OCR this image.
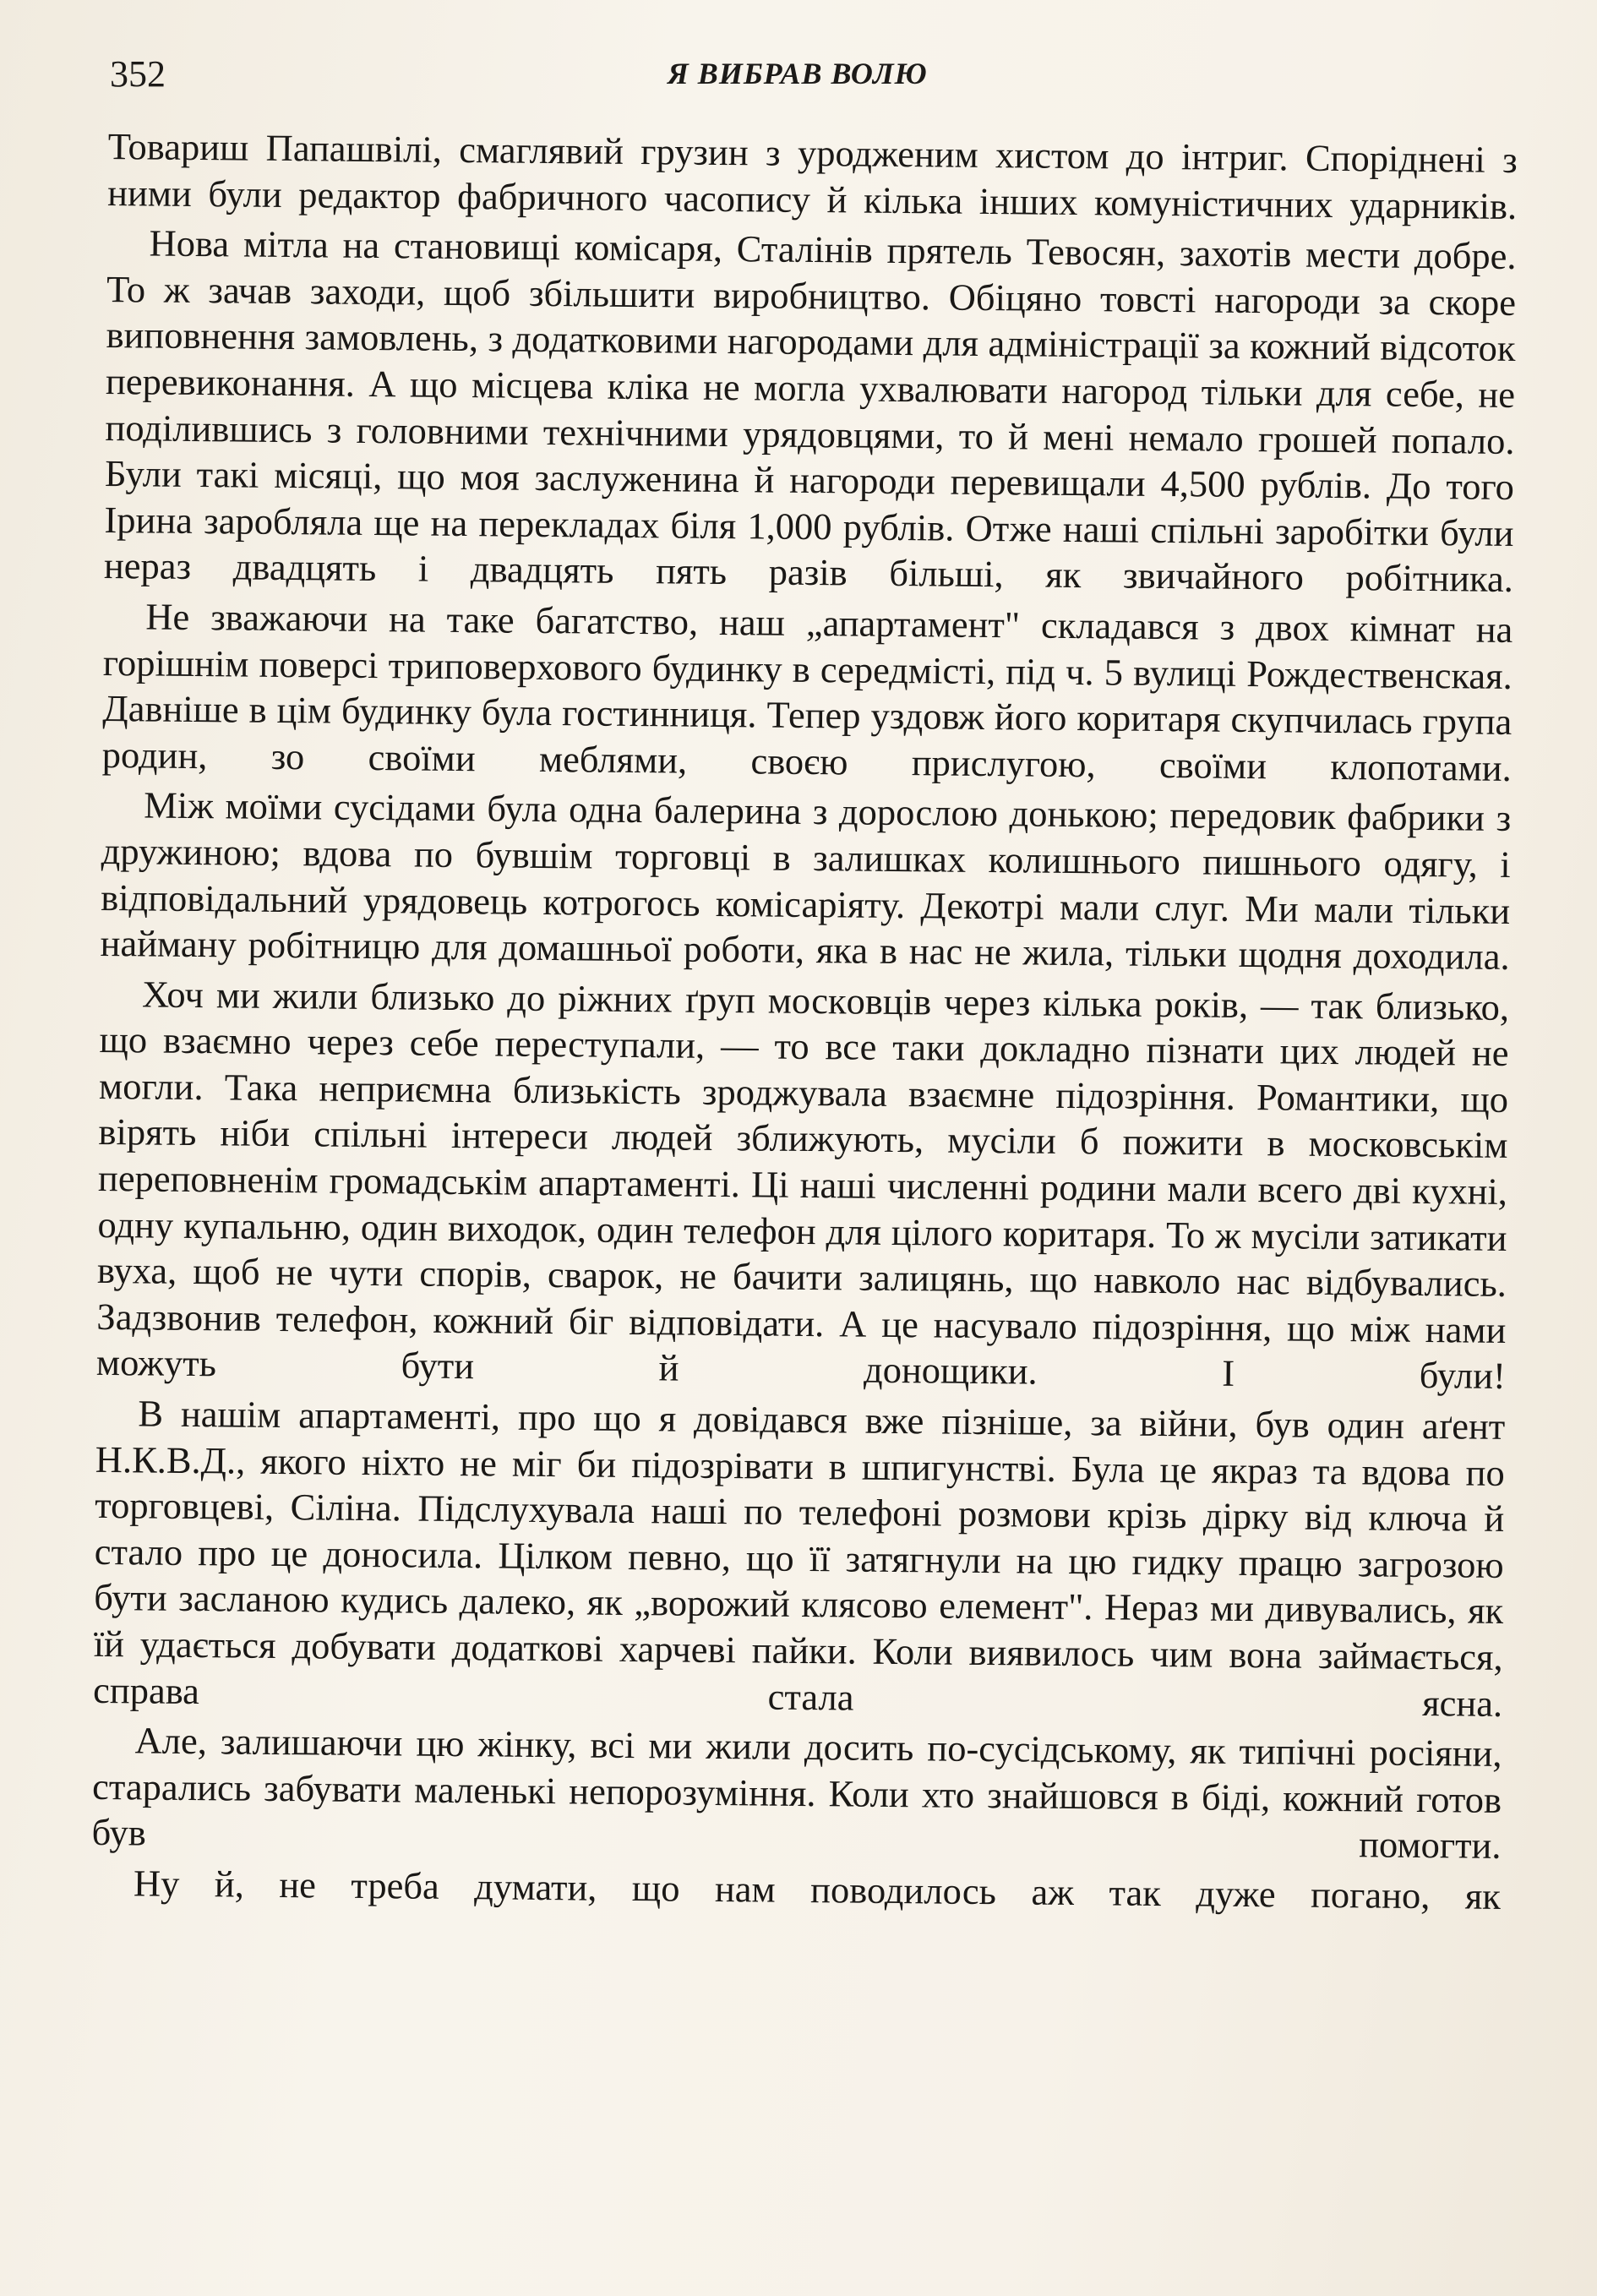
352	Я ВИБРАВ ВОЛЮ

Товариш Папашвілі, смаглявий грузин з уродженим хистом до інтриг. Споріднені з ними були редактор фабричного часопису й кілька інших комуністичних ударників.

Нова мітла на становищі комісаря, Сталінів прятель Тевосян, захотів мести добре. То ж зачав заходи, щоб збільшити виробництво. Обіцяно товсті нагороди за скоре виповнення замовлень, з додатковими нагородами для адміністрації за кожний відсоток перевиконання. А що місцева кліка не могла ухвалювати нагород тільки для себе, не поділившись з головними технічними урядовцями, то й мені немало грошей попало. Були такі місяці, що моя заслуженина й нагороди перевищали 4,500 рублів. До того Ірина заробляла ще на перекладах біля 1,000 рублів. Отже наші спільні заробітки були нераз двадцять і двадцять пять разів більші, як звичайного робітника.

Не зважаючи на таке багатство, наш „апартамент" складався з двох кімнат на горішнім поверсі триповерхового будинку в середмісті, під ч. 5 вулиці Рождественская. Давніше в цім будинку була гостинниця. Тепер уздовж його коритаря скупчилась група родин, зо своїми меблями, своєю прислугою, своїми клопотами.

Між моїми сусідами була одна балерина з дорослою донькою; передовик фабрики з дружиною; вдова по бувшім торговці в залишках колишнього пишнього одягу, і відповідальний урядовець котрогось комісаріяту. Декотрі мали слуг. Ми мали тільки найману робітницю для домашньої роботи, яка в нас не жила, тільки щодня доходила.

Хоч ми жили близько до ріжних ґруп москoвців через кілька років, — так близько, що взаємно через себе переступали, — то все таки докладно пізнати цих людей не могли. Така неприємна близькість зроджувала взаємне підозріння. Романтики, що вірять ніби спільні інтереси людей зближують, мусіли б пожити в московськім переповненім громадськім апартаменті. Ці наші численні родини мали всего дві кухні, одну купальню, один виходок, один телефон для цілого коритаря. То ж мусіли затикати вуха, щоб не чути спорів, сварок, не бачити залицянь, що навколо нас відбувались. Задзвонив телефон, кожний біг відповідати. А це насувало підозріння, що між нами можуть бути й донощики. І були!

В нашім апартаменті, про що я довідався вже пізніше, за війни, був один аґент Н.К.В.Д., якого ніхто не міг би підозрівати в шпигунстві. Була це якраз та вдова по торговцеві, Сіліна. Підслухувала наші по телефоні розмови крізь дірку від ключа й стало про це доносила. Цілком певно, що її затягнули на цю гидку працю загрозою бути засланою кудись далеко, як „ворожий клясово елемент". Нераз ми дивувались, як їй удається добувати додаткові харчеві пайки. Коли виявилось чим вона займається, справа стала ясна.

Але, залишаючи цю жінку, всі ми жили досить по-сусідському, як типічні росіяни, старались забувати маленькі непорозуміння. Коли хто знайшовся в біді, кожний готов був помогти.

Ну й, не треба думати, що нам поводилось аж так дуже погано, як
